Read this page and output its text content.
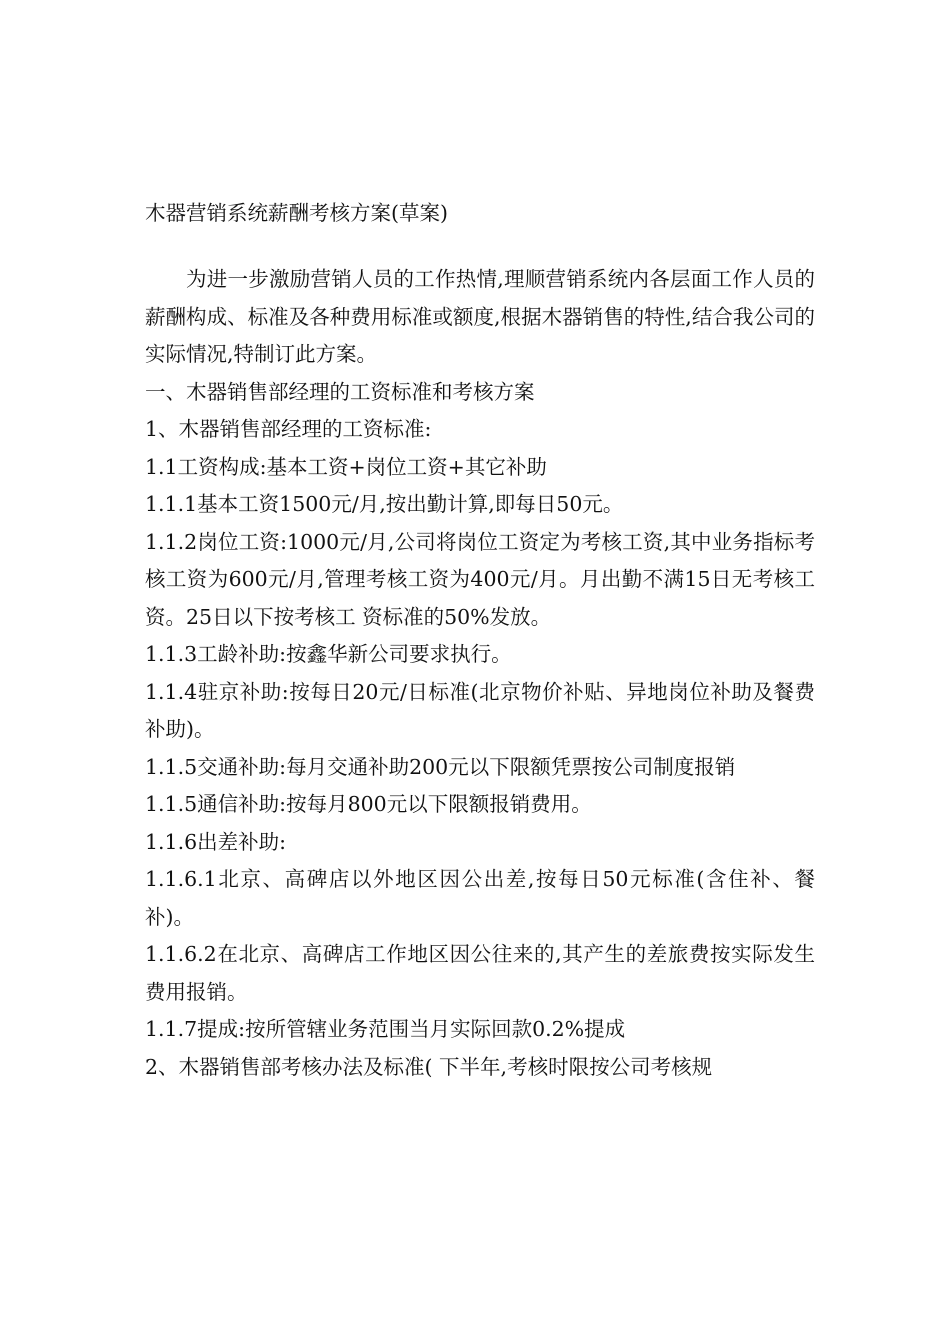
木器营销系统薪酬考核方案(草案)

为进一步激励营销人员的工作热情,理顺营销系统内各层面工作人员的薪酬构成、标准及各种费用标准或额度,根据木器销售的特性,结合我公司的实际情况,特制订此方案。

一、木器销售部经理的工资标准和考核方案

1、木器销售部经理的工资标准:

1.1工资构成:基本工资+岗位工资+其它补助

1.1.1基本工资1500元/月,按出勤计算,即每日50元。

1.1.2岗位工资:1000元/月,公司将岗位工资定为考核工资,其中业务指标考核工资为600元/月,管理考核工资为400元/月。月出勤不满15日无考核工资。25日以下按考核工 资标准的50%发放。

1.1.3工龄补助:按鑫华新公司要求执行。

1.1.4驻京补助:按每日20元/日标准(北京物价补贴、异地岗位补助及餐费补助)。

1.1.5交通补助:每月交通补助200元以下限额凭票按公司制度报销

1.1.5通信补助:按每月800元以下限额报销费用。

1.1.6出差补助:

1.1.6.1北京、高碑店以外地区因公出差,按每日50元标准(含住补、餐补)。

1.1.6.2在北京、高碑店工作地区因公往来的,其产生的差旅费按实际发生费用报销。

1.1.7提成:按所管辖业务范围当月实际回款0.2%提成

2、木器销售部考核办法及标准( 下半年,考核时限按公司考核规
